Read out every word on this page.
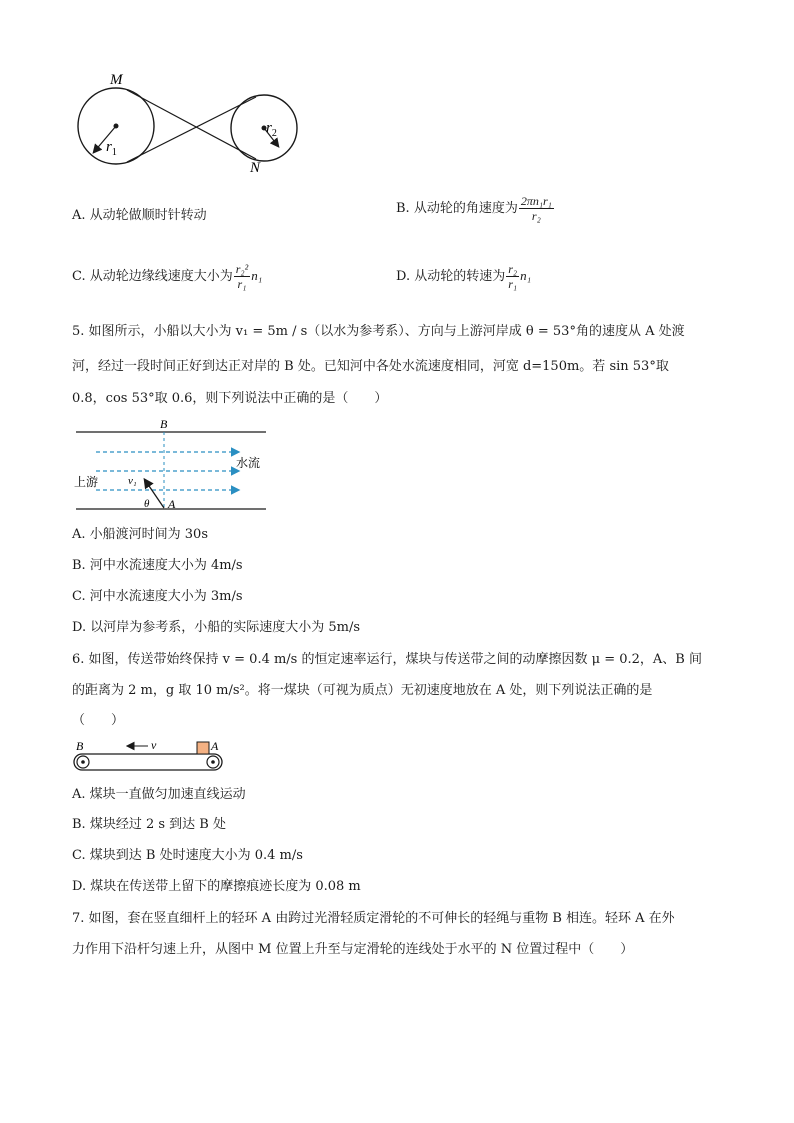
M
N
$r_1$
$r_2$
A. 从动轮做顺时针转动	B. 从动轮的角速度为 $\frac{\text{2πn₁r₁}}{\text{r₂}}$
C. 从动轮边缘线速度大小为 $\frac{\text{r₂²}}{\text{r₁}} n_1$	D. 从动轮的转速为 $\frac{\text{r₂}}{\text{r₁}} n_1$
5. 如图所示，小船以大小为 v₁ = 5m / s（以水为参考系）、方向与上游河岸成 θ = 53°角的速度从 A 处渡
河，经过一段时间正好到达正对岸的 B 处。已知河中各处水流速度相同，河宽 d=150m。若 sin 53°取
0.8，cos 53°取 0.6，则下列说法中正确的是（　　）
B
A
水流
上游	v₁
θ
A. 小船渡河时间为 30s
B. 河中水流速度大小为 4m/s
C. 河中水流速度大小为 3m/s
D. 以河岸为参考系，小船的实际速度大小为 5m/s
6. 如图，传送带始终保持 v = 0.4 m/s 的恒定速率运行，煤块与传送带之间的动摩擦因数 μ = 0.2，A、B 间
的距离为 2 m，g 取 10 m/s²。将一煤块（可视为质点）无初速度地放在 A 处，则下列说法正确的是
（　　）
B	A
v
A. 煤块一直做匀加速直线运动
B. 煤块经过 2 s 到达 B 处
C. 煤块到达 B 处时速度大小为 0.4 m/s
D. 煤块在传送带上留下的摩擦痕迹长度为 0.08 m
7. 如图，套在竖直细杆上的轻环 A 由跨过光滑轻质定滑轮的不可伸长的轻绳与重物 B 相连。轻环 A 在外
力作用下沿杆匀速上升，从图中 M 位置上升至与定滑轮的连线处于水平的 N 位置过程中（　　）
